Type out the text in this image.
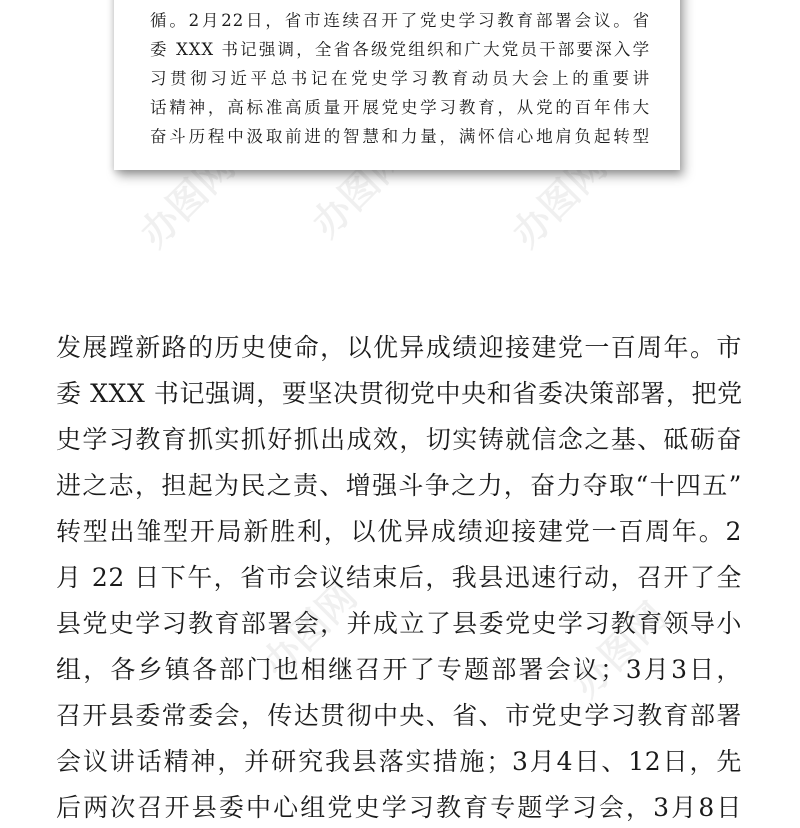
办图网 办图网 办图网
办图网	办图网
循。2月22日，省市连续召开了党史学习教育部署会议。省
委 XXX 书记强调，全省各级党组织和广大党员干部要深入学
习贯彻习近平总书记在党史学习教育动员大会上的重要讲
话精神，高标准高质量开展党史学习教育，从党的百年伟大
奋斗历程中汲取前进的智慧和力量，满怀信心地肩负起转型
发展蹚新路的历史使命，以优异成绩迎接建党一百周年。市
委 XXX 书记强调，要坚决贯彻党中央和省委决策部署，把党
史学习教育抓实抓好抓出成效，切实铸就信念之基、砥砺奋
进之志，担起为民之责、增强斗争之力，奋力夺取“十四五”
转型出雏型开局新胜利，以优异成绩迎接建党一百周年。2
月 22 日下午，省市会议结束后，我县迅速行动，召开了全
县党史学习教育部署会，并成立了县委党史学习教育领导小
组，各乡镇各部门也相继召开了专题部署会议；3月3日，
召开县委常委会，传达贯彻中央、省、市党史学习教育部署
会议讲话精神，并研究我县落实措施；3月4日、12日，先
后两次召开县委中心组党史学习教育专题学习会，3月8日
